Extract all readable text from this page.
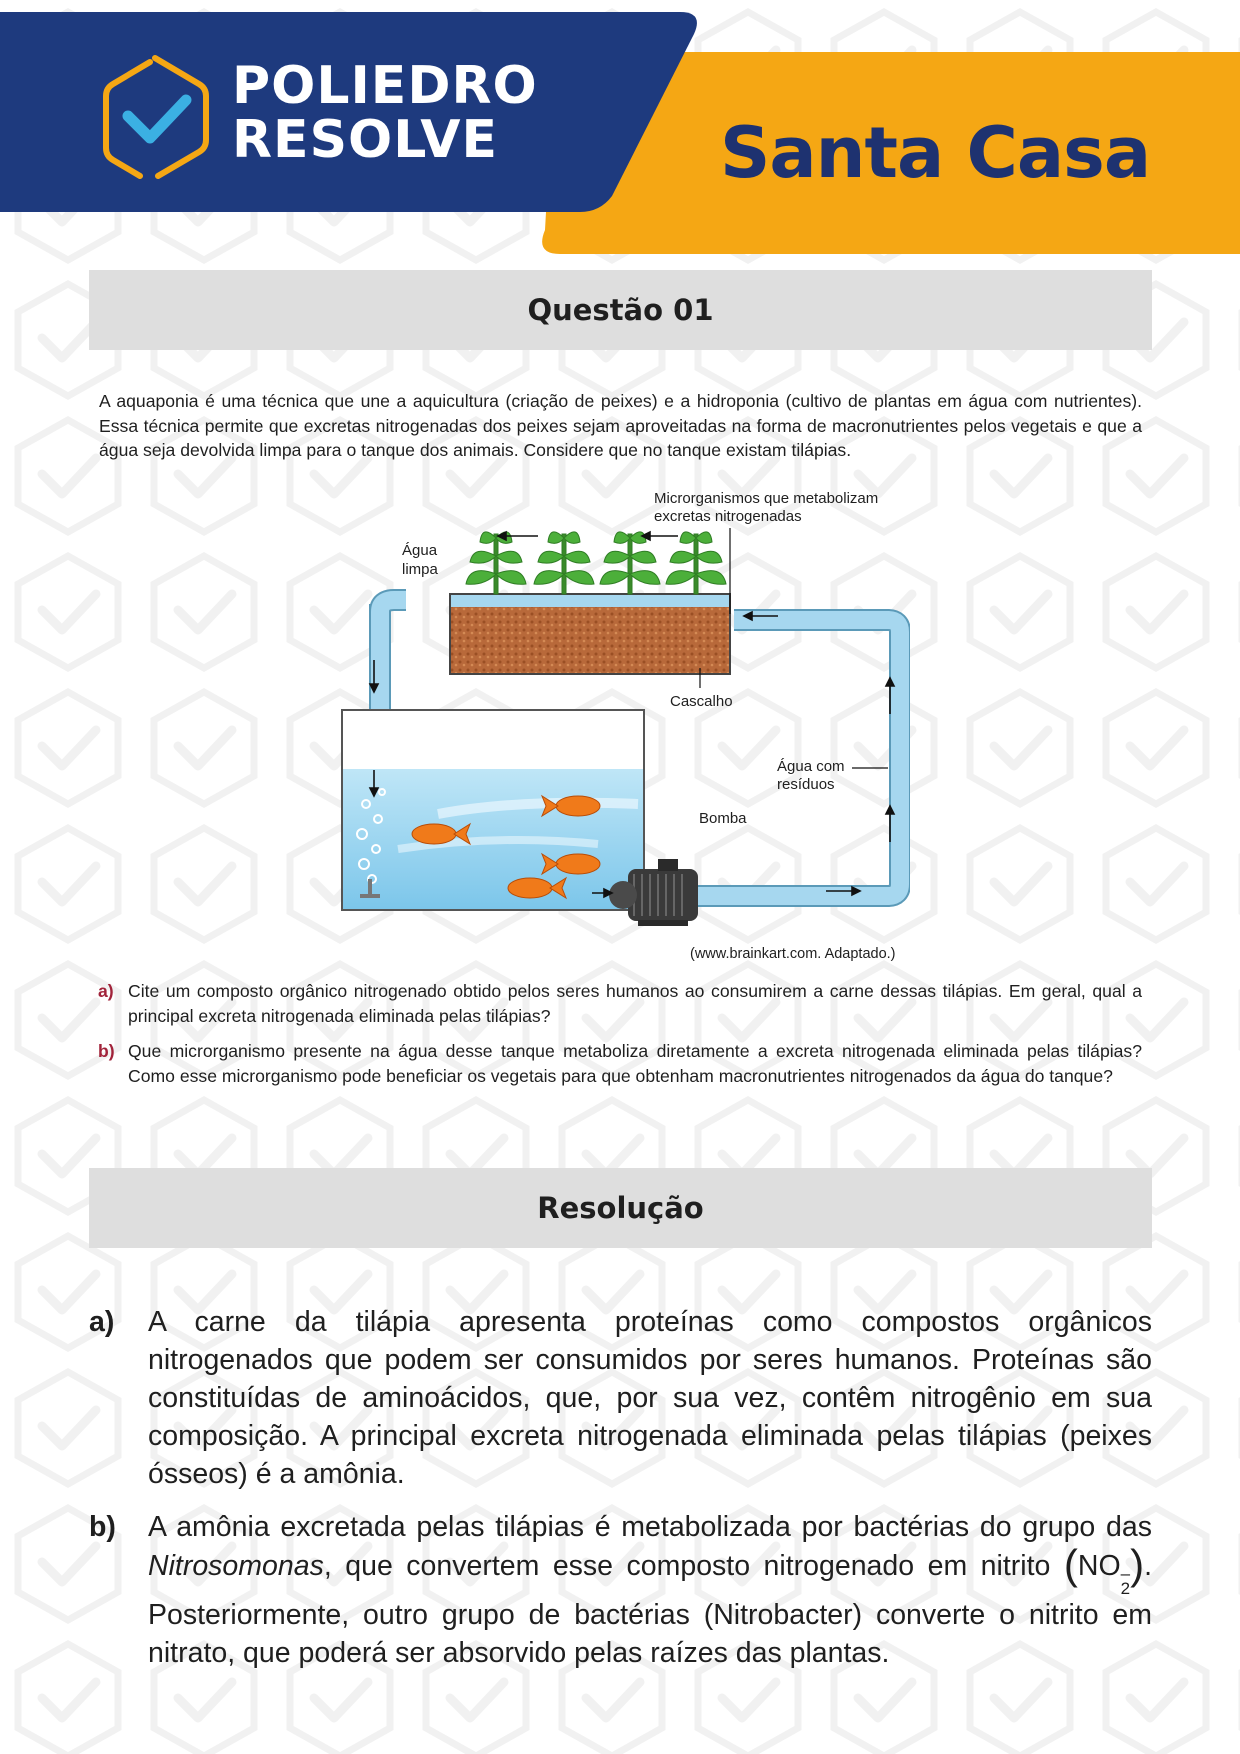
POLIEDRO
RESOLVE	Santa Casa
Questão 01
A aquaponia é uma técnica que une a aquicultura (criação de peixes) e a hidroponia (cultivo de plantas em água com nutrientes). Essa técnica permite que excretas nitrogenadas dos peixes sejam aproveitadas na forma de macronutrientes pelos vegetais e que a água seja devolvida limpa para o tanque dos animais. Considere que no tanque existam tilápias.
Microrganismos que metabolizam
excretas nitrogenadas
Água
limpa
Cascalho
Água com
resíduos
Bomba
(www.brainkart.com. Adaptado.)
a) Cite um composto orgânico nitrogenado obtido pelos seres humanos ao consumirem a carne dessas tilápias. Em geral, qual a principal excreta nitrogenada eliminada pelas tilápias?
b) Que microrganismo presente na água desse tanque metaboliza diretamente a excreta nitrogenada eliminada pelas tilápias? Como esse microrganismo pode beneficiar os vegetais para que obtenham macronutrientes nitrogenados da água do tanque?
Resolução
a)	A carne da tilápia apresenta proteínas como compostos orgânicos nitrogenados que podem ser consumidos por seres humanos. Proteínas são constituídas de aminoácidos, que, por sua vez, contêm nitrogênio em sua composição. A principal excreta nitrogenada eliminada pelas tilápias (peixes ósseos) é a amônia.
b)	A amônia excretada pelas tilápias é metabolizada por bactérias do grupo das Nitrosomonas, que convertem esse composto nitrogenado em nitrito (NO –
2
). Posteriormente, outro grupo de bactérias (Nitrobacter) converte o nitrito em nitrato, que poderá ser absorvido pelas raízes das plantas.
